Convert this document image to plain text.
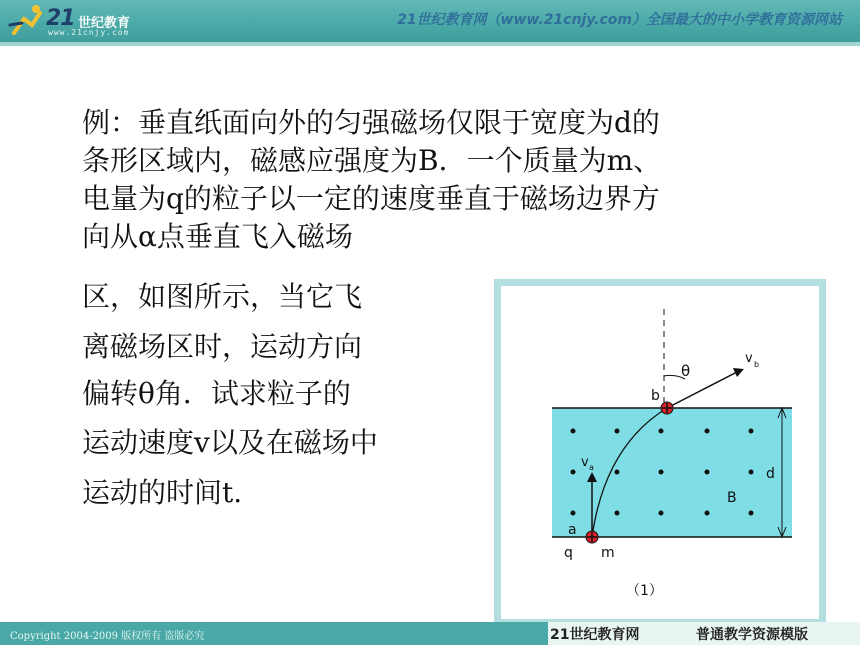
21 世纪教育
www.21cnjy.com
21世纪教育网（www.21cnjy.com）全国最大的中小学教育资源网站
例：垂直纸面向外的匀强磁场仅限于宽度为d的
条形区域内，磁感应强度为B．一个质量为m、
电量为q的粒子以一定的速度垂直于磁场边界方
向从α点垂直飞入磁场
区，如图所示，当它飞
离磁场区时，运动方向
偏转θ角．试求粒子的
运动速度v以及在磁场中
运动的时间t.
θ
v b
b
v a
a
q m
B
d
（1）
Copyright 2004-2009 版权所有 盗版必究	21世纪教育网	普通教学资源模版
